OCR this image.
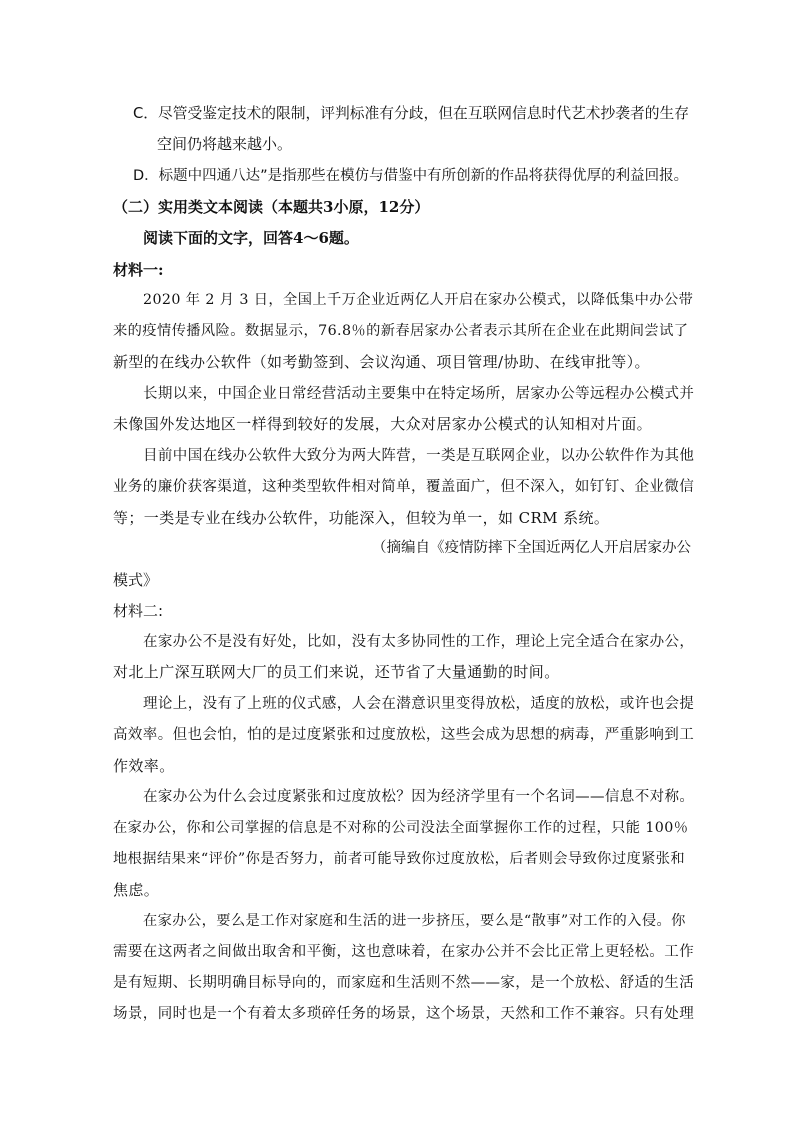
C．尽管受鉴定技术的限制，评判标准有分歧，但在互联网信息时代艺术抄袭者的生存
空间仍将越来越小。
D．标题中四通八达”是指那些在模仿与借鉴中有所创新的作品将获得优厚的利益回报。
（二）实用类文本阅读（本题共3小原，12分）
阅读下面的文字，回答4～6题。
材料一:
2020 年 2 月 3 日，全国上千万企业近两亿人开启在家办公模式，以降低集中办公带
来的疫情传播风险。数据显示，76.8％的新春居家办公者表示其所在企业在此期间尝试了
新型的在线办公软件（如考勤签到、会议沟通、项目管理/协助、在线审批等）。
长期以来，中国企业日常经营活动主要集中在特定场所，居家办公等远程办公模式并
未像国外发达地区一样得到较好的发展，大众对居家办公模式的认知相对片面。
目前中国在线办公软件大致分为两大阵营，一类是互联网企业，以办公软件作为其他
业务的廉价获客渠道，这种类型软件相对简单，覆盖面广，但不深入，如钉钉、企业微信
等；一类是专业在线办公软件，功能深入，但较为单一，如 CRM 系统。
（摘编自《疫情防摔下全国近两亿人开启居家办公
模式》
材料二:
在家办公不是没有好处，比如，没有太多协同性的工作，理论上完全适合在家办公，
对北上广深互联网大厂的员工们来说，还节省了大量通勤的时间。
理论上，没有了上班的仪式感，人会在潜意识里变得放松，适度的放松，或许也会提
高效率。但也会怕，怕的是过度紧张和过度放松，这些会成为思想的病毒，严重影响到工
作效率。
在家办公为什么会过度紧张和过度放松？因为经济学里有一个名词——信息不对称。
在家办公，你和公司掌握的信息是不对称的公司没法全面掌握你工作的过程，只能 100％
地根据结果来“评价”你是否努力，前者可能导致你过度放松，后者则会导致你过度紧张和
焦虑。
在家办公，要么是工作对家庭和生活的进一步挤压，要么是“散事”对工作的入侵。你
需要在这两者之间做出取舍和平衡，这也意味着，在家办公并不会比正常上更轻松。工作
是有短期、长期明确目标导向的，而家庭和生活则不然——家，是一个放松、舒适的生活
场景，同时也是一个有着太多琐碎任务的场景，这个场景，天然和工作不兼容。只有处理
